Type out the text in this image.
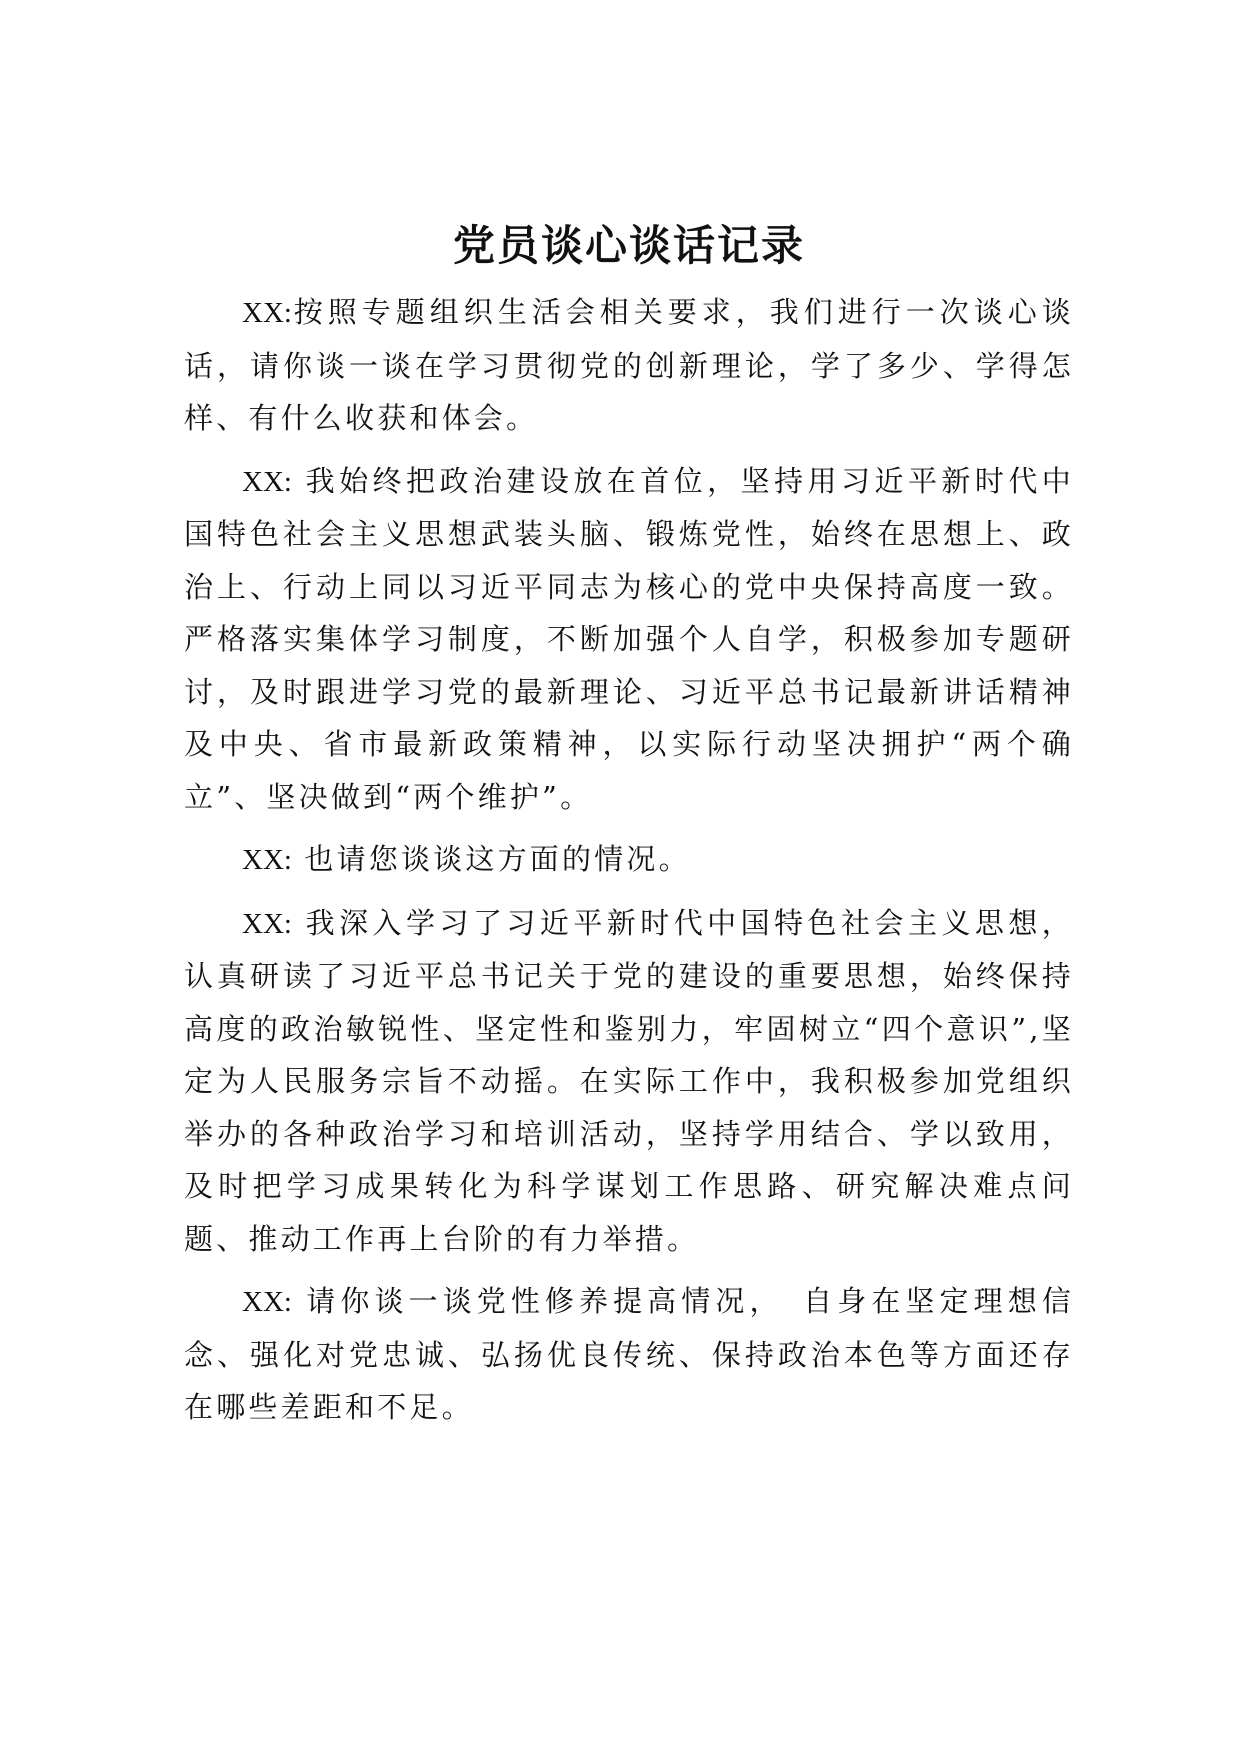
党员谈心谈话记录

XX:按照专题组织生活会相关要求，我们进行一次谈心谈话，请你谈一谈在学习贯彻党的创新理论，学了多少、学得怎样、有什么收获和体会。

XX: 我始终把政治建设放在首位，坚持用习近平新时代中国特色社会主义思想武装头脑、锻炼党性，始终在思想上、政治上、行动上同以习近平同志为核心的党中央保持高度一致。严格落实集体学习制度，不断加强个人自学，积极参加专题研讨，及时跟进学习党的最新理论、习近平总书记最新讲话精神及中央、省市最新政策精神，以实际行动坚决拥护“两个确立”、坚决做到“两个维护”。

XX: 也请您谈谈这方面的情况。

XX: 我深入学习了习近平新时代中国特色社会主义思想，认真研读了习近平总书记关于党的建设的重要思想，始终保持高度的政治敏锐性、坚定性和鉴别力，牢固树立“四个意识”,坚定为人民服务宗旨不动摇。在实际工作中，我积极参加党组织举办的各种政治学习和培训活动，坚持学用结合、学以致用，及时把学习成果转化为科学谋划工作思路、研究解决难点问题、推动工作再上台阶的有力举措。

XX: 请你谈一谈党性修养提高情况，　自身在坚定理想信念、强化对党忠诚、弘扬优良传统、保持政治本色等方面还存在哪些差距和不足。
